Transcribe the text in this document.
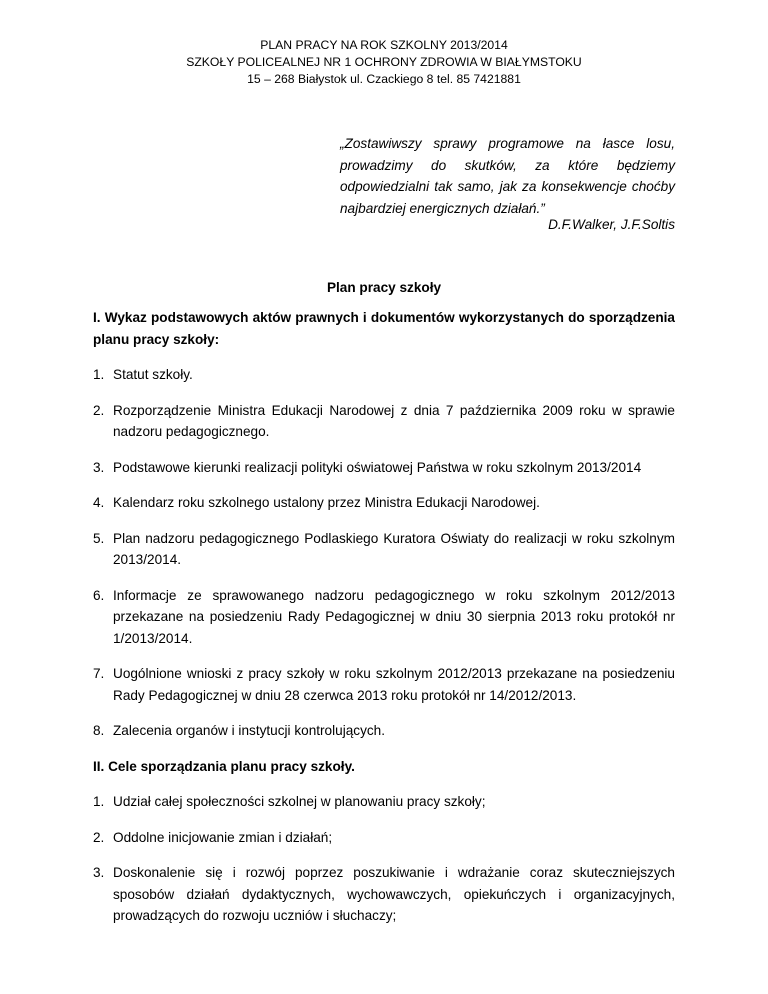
PLAN PRACY NA ROK SZKOLNY 2013/2014
SZKOŁY POLICEALNEJ NR 1 OCHRONY ZDROWIA W BIAŁYMSTOKU
15 – 268 Białystok ul. Czackiego 8 tel. 85 7421881
„Zostawiwszy sprawy programowe na łasce losu, prowadzimy do skutków, za które będziemy odpowiedzialni tak samo, jak za konsekwencje choćby najbardziej energicznych działań.”
D.F.Walker, J.F.Soltis
Plan pracy szkoły
I. Wykaz podstawowych aktów prawnych i dokumentów wykorzystanych do sporządzenia planu pracy szkoły:
1. Statut szkoły.
2. Rozporządzenie Ministra Edukacji Narodowej z dnia 7 października 2009 roku w sprawie nadzoru pedagogicznego.
3. Podstawowe kierunki realizacji polityki oświatowej Państwa w roku szkolnym 2013/2014
4. Kalendarz roku szkolnego ustalony przez Ministra Edukacji Narodowej.
5. Plan nadzoru pedagogicznego Podlaskiego Kuratora Oświaty do realizacji w roku szkolnym 2013/2014.
6. Informacje ze sprawowanego nadzoru pedagogicznego w roku szkolnym 2012/2013 przekazane na posiedzeniu Rady Pedagogicznej w dniu 30 sierpnia 2013 roku protokół nr 1/2013/2014.
7. Uogólnione wnioski z pracy szkoły w roku szkolnym 2012/2013 przekazane na posiedzeniu Rady Pedagogicznej w dniu 28 czerwca 2013 roku protokół nr 14/2012/2013.
8. Zalecenia organów i instytucji kontrolujących.
II. Cele sporządzania planu pracy szkoły.
1. Udział całej społeczności szkolnej w planowaniu pracy szkoły;
2. Oddolne inicjowanie zmian i działań;
3. Doskonalenie się i rozwój poprzez poszukiwanie i wdrażanie coraz skuteczniejszych sposobów działań dydaktycznych, wychowawczych, opiekuńczych i organizacyjnych, prowadzących do rozwoju uczniów i słuchaczy;
